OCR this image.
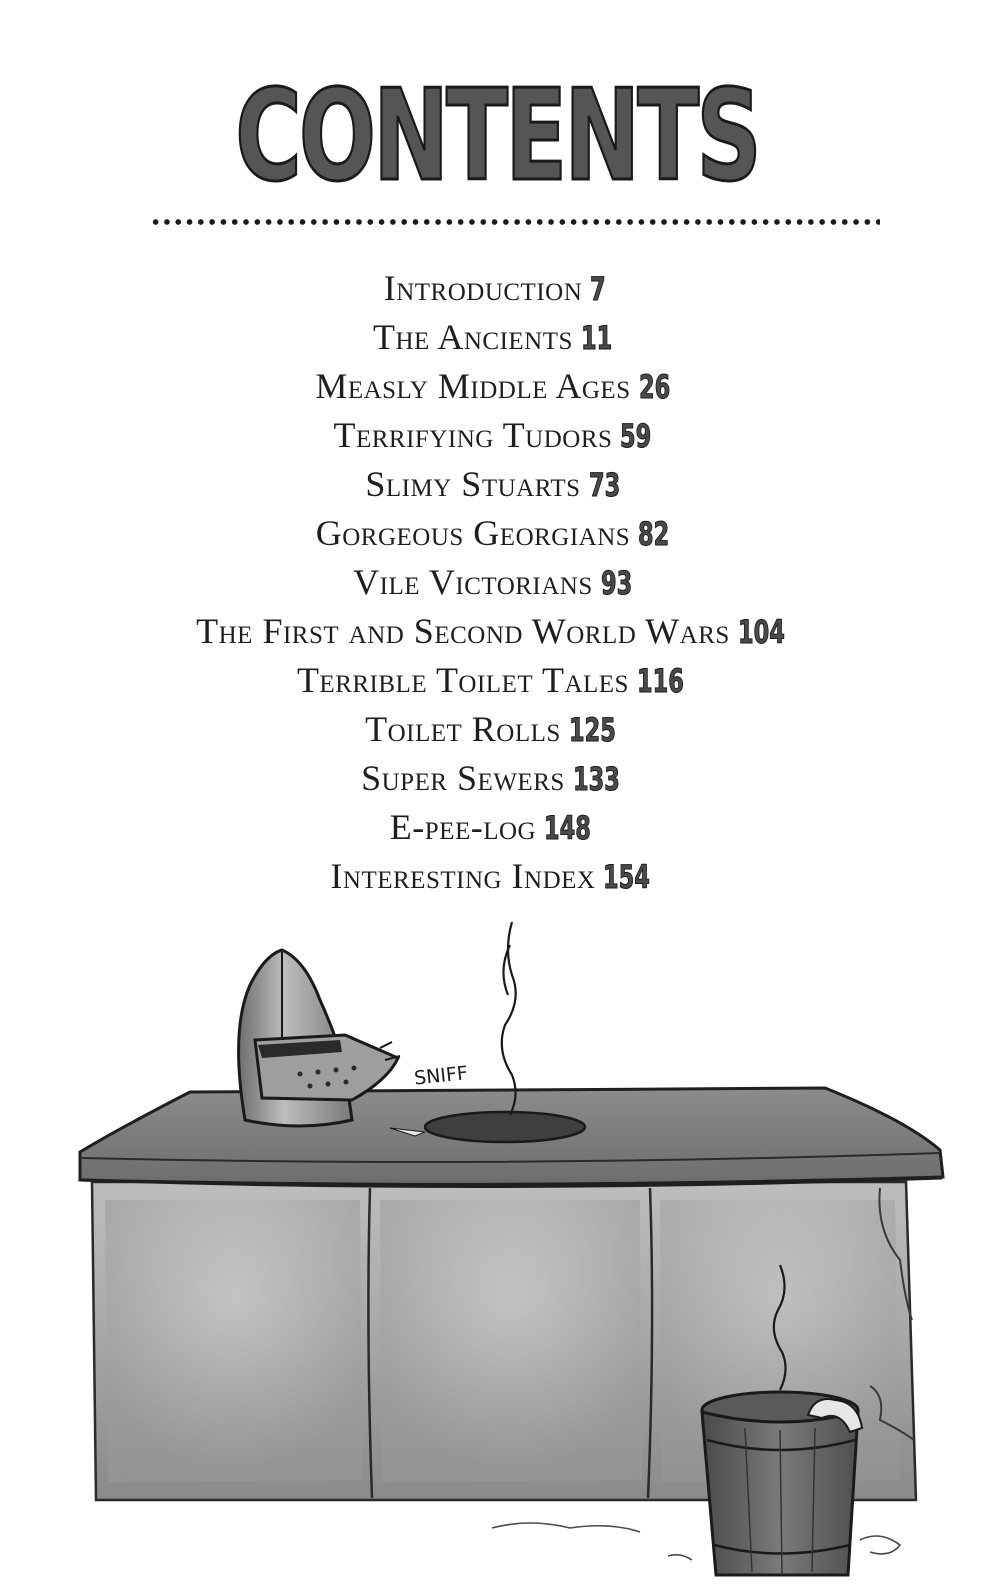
CONTENTS
Introduction 7
The Ancients 11
Measly Middle Ages 26
Terrifying Tudors 59
Slimy Stuarts 73
Gorgeous Georgians 82
Vile Victorians 93
The First and Second World Wars 104
Terrible Toilet Tales 116
Toilet Rolls 125
Super Sewers 133
E-pee-log 148
Interesting Index 154
SNIFF
